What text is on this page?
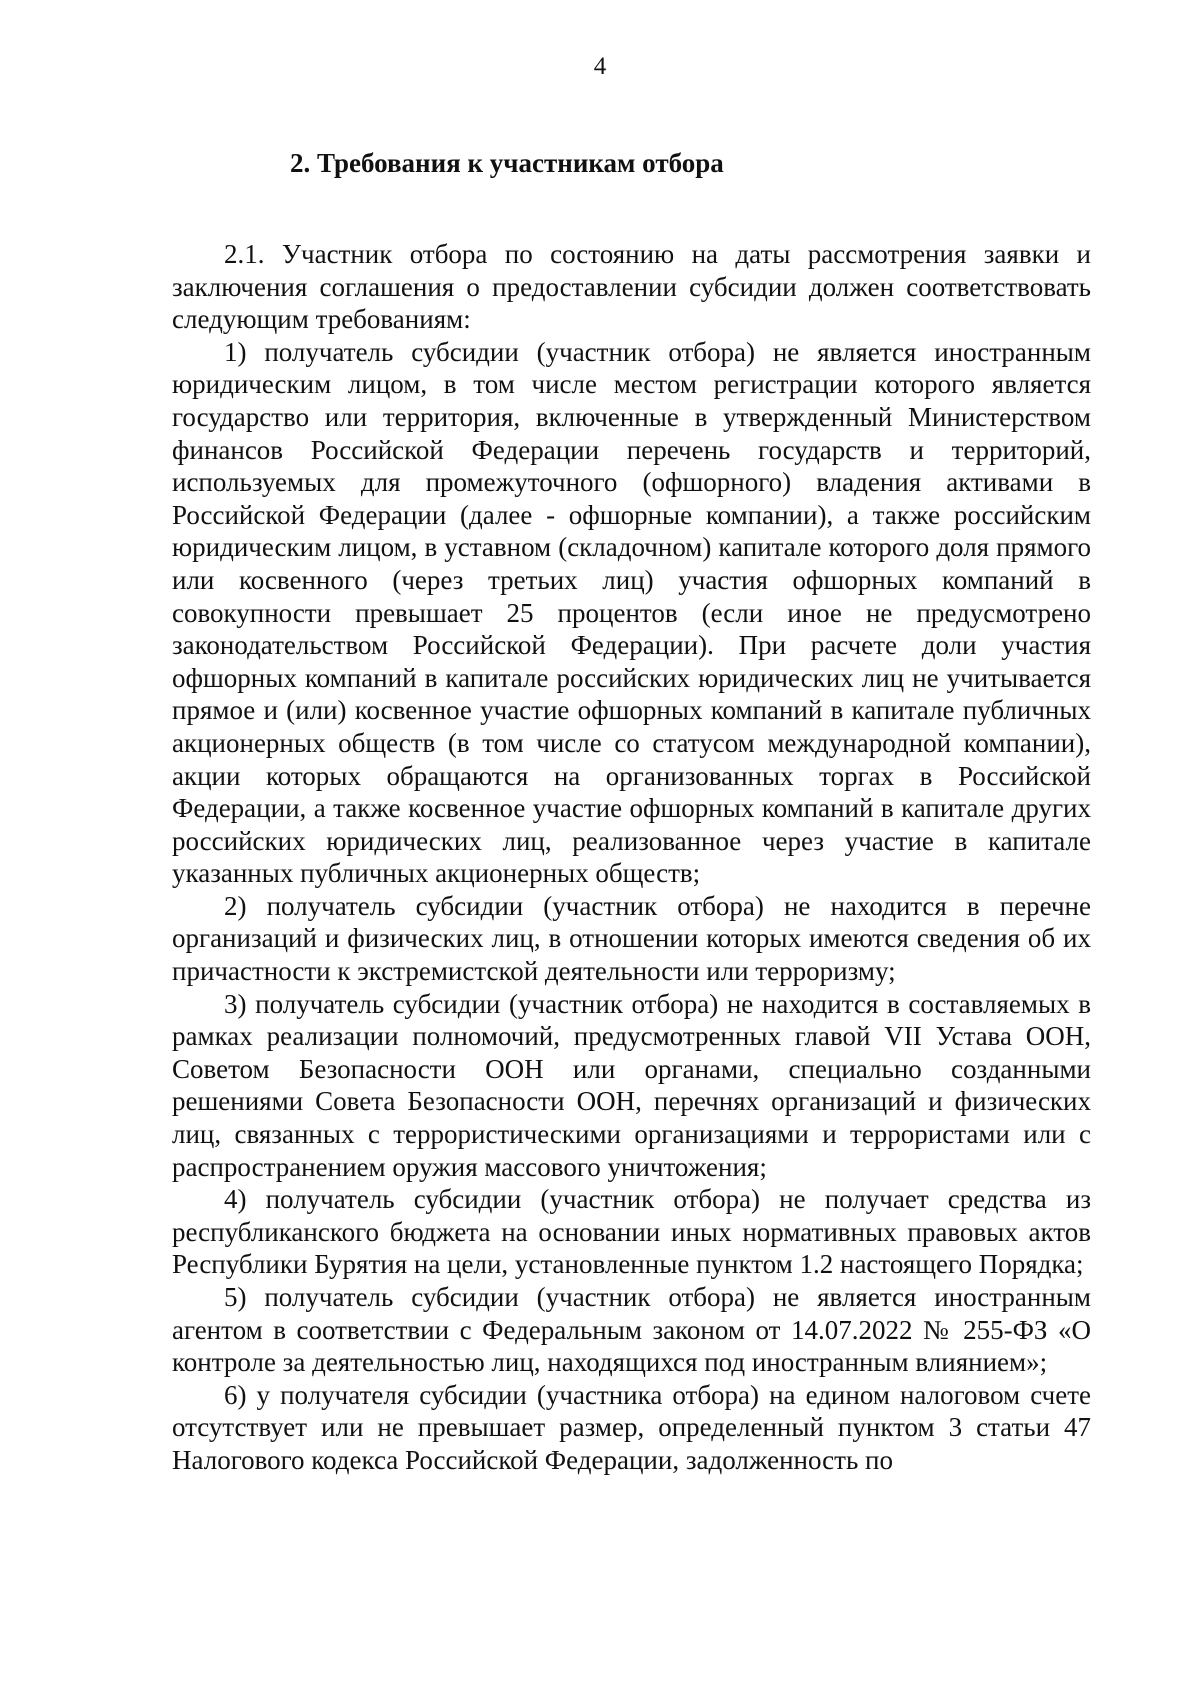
4
2. Требования к участникам отбора

2.1. Участник отбора по состоянию на даты рассмотрения заявки и заключения соглашения о предоставлении субсидии должен соответствовать следующим требованиям:

1) получатель субсидии (участник отбора) не является иностранным юридическим лицом, в том числе местом регистрации которого является государство или территория, включенные в утвержденный Министерством финансов Российской Федерации перечень государств и территорий, используемых для промежуточного (офшорного) владения активами в Российской Федерации (далее - офшорные компании), а также российским юридическим лицом, в уставном (складочном) капитале которого доля прямого или косвенного (через третьих лиц) участия офшорных компаний в совокупности превышает 25 процентов (если иное не предусмотрено законодательством Российской Федерации). При расчете доли участия офшорных компаний в капитале российских юридических лиц не учитывается прямое и (или) косвенное участие офшорных компаний в капитале публичных акционерных обществ (в том числе со статусом международной компании), акции которых обращаются на организованных торгах в Российской Федерации, а также косвенное участие офшорных компаний в капитале других российских юридических лиц, реализованное через участие в капитале указанных публичных акционерных обществ;

2) получатель субсидии (участник отбора) не находится в перечне организаций и физических лиц, в отношении которых имеются сведения об их причастности к экстремистской деятельности или терроризму;

3) получатель субсидии (участник отбора) не находится в составляемых в рамках реализации полномочий, предусмотренных главой VII Устава ООН, Советом Безопасности ООН или органами, специально созданными решениями Совета Безопасности ООН, перечнях организаций и физических лиц, связанных с террористическими организациями и террористами или с распространением оружия массового уничтожения;

4) получатель субсидии (участник отбора) не получает средства из республиканского бюджета на основании иных нормативных правовых актов Республики Бурятия на цели, установленные пунктом 1.2 настоящего Порядка;

5) получатель субсидии (участник отбора) не является иностранным агентом в соответствии с Федеральным законом от 14.07.2022 № 255-ФЗ «О контроле за деятельностью лиц, находящихся под иностранным влиянием»;

6) у получателя субсидии (участника отбора) на едином налоговом счете отсутствует или не превышает размер, определенный пунктом 3 статьи 47 Налогового кодекса Российской Федерации, задолженность по
